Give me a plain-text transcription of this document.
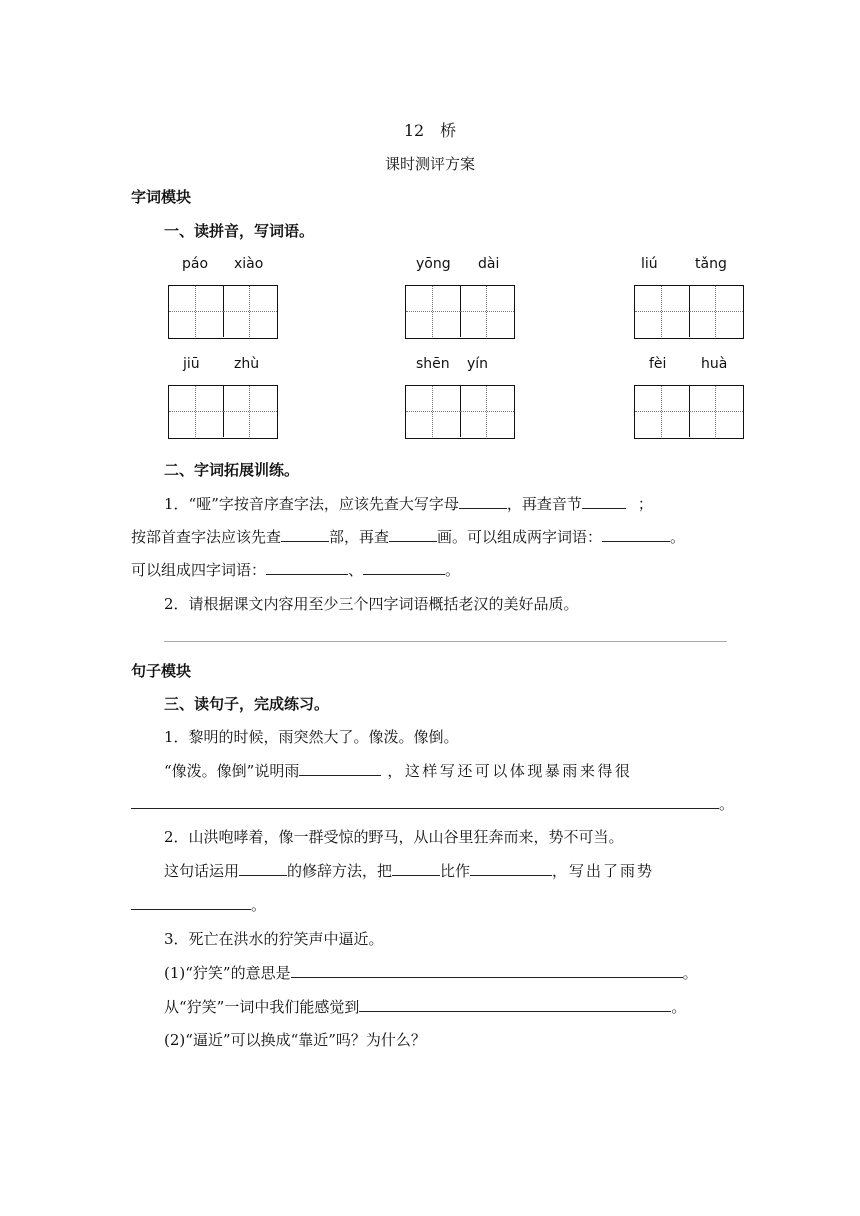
12　桥
课时测评方案
字词模块
一、读拼音，写词语。
páo xiào	yōng dài	liú	tǎng
jiū zhù	shēn yín	fèi huà
二、字词拓展训练。
1．“哑”字按音序查字法，应该先查大写字母	，再查音节	；
按部首查字法应该先查	部，再查	画。可以组成两字词语：	。
可以组成四字词语：	、	。
2．请根据课文内容用至少三个四字词语概括老汉的美好品质。
句子模块
三、读句子，完成练习。
1．黎明的时候，雨突然大了。像泼。像倒。
“像泼。像倒”说明雨	，这样写还可以体现暴雨来得很
。
2．山洪咆哮着，像一群受惊的野马，从山谷里狂奔而来，势不可当。
这句话运用	的修辞方法，把	比作	，写出了雨势
。
3．死亡在洪水的狞笑声中逼近。
(1)“狞笑”的意思是	。
从“狞笑”一词中我们能感觉到	。
(2)“逼近”可以换成“靠近”吗？为什么？
